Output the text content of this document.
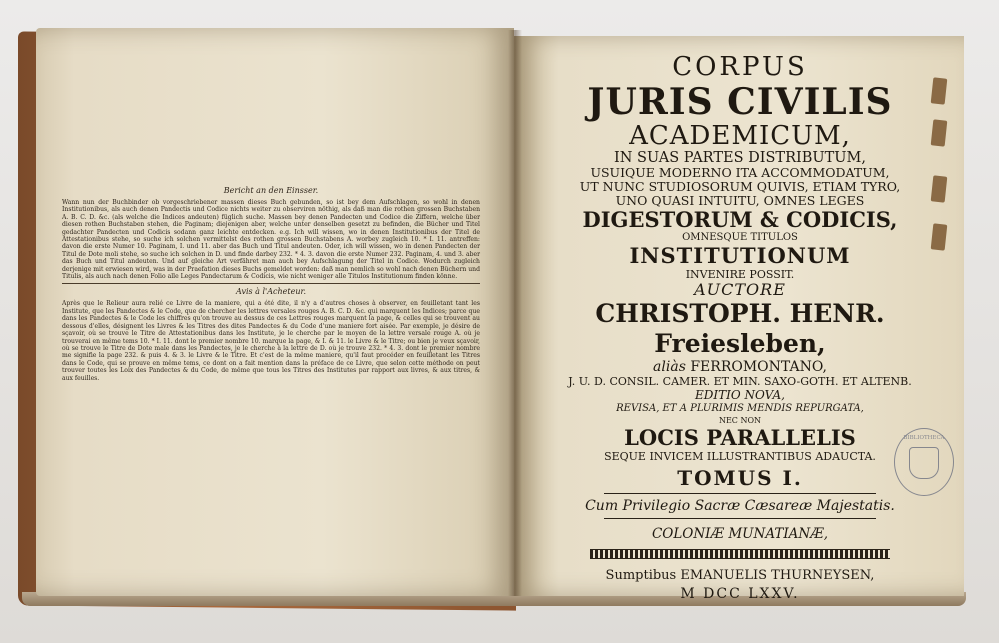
Bericht an den Einsser.

Wann nun der Buchbinder ob vorgeschriebener massen dieses Buch gebunden, so ist bey dem Aufschlagen, so wohl in denen Institutionibus, als auch denen Pandectis und Codice nichts weiter zu observiren nöthig, als daß man die rothen grossen Buchstaben A. B. C. D. &c. (als welche die Indices andeuten) füglich suche. Massen bey denen Pandecten und Codice die Ziffern, welche über diesen rothen Buchstaben stehen, die Paginam; diejenigen aber, welche unter denselben gesetzt zu befinden, die Bücher und Titel gedachter Pandecten und Codicis sodann ganz leichte entdecken. e.g. Ich will wissen, wo in denen Institutionibus der Titel de Attestationibus stehe, so suche ich solchen vermittelst des rothen grossen Buchstabens A. worbey zugleich 10. * I. 11. antreffen: davon die erste Numer 10. Paginam, I. und 11. aber das Buch und Titul andeuten. Oder, ich will wissen, wo in denen Pandecten der Titul de Dote moli stehe, so suche ich solchen in D. und finde darbey 232. * 4. 3. davon die erste Numer 232. Paginam, 4. und 3. aber das Buch und Titul andeuten. Und auf gleiche Art verfähret man auch bey Aufschlagung der Titel in Codice. Wodurch zugleich derjenige mit erwiesen wird, was in der Praefation dieses Buchs gemeldet worden: daß man nemlich so wohl nach denen Büchern und Titulis, als auch nach denen Folio alle Leges Pandectarum & Codicis, wie nicht weniger alle Titulos Institutionum finden könne.

Avis à l'Acheteur.

Après que le Relieur aura relié ce Livre de la maniere, qui a été dite, il n'y a d'autres choses à observer, en feuilletant tant les Institute, que les Pandectes & le Code, que de chercher les lettres versales rouges A. B. C. D. &c. qui marquent les Indices; parce que dans les Pandectes & le Code les chiffres qu'on trouve au dessus de ces Lettres rouges marquent la page, & celles qui se trouvent au dessous d'elles, désignent les Livres & les Titres des dites Pandectes & du Code d'une maniere fort aisée. Par exemple, je désire de sçavoir, où se trouve le Titre de Attestationibus dans les Institute, je le cherche par le moyen de la lettre versale rouge A. où je trouverai en même tems 10. * I. 11. dont le premier nombre 10. marque la page, & I. & 11. le Livre & le Titre; ou bien je veux sçavoir, où se trouve le Titre de Dote male dans les Pandectes, je le cherche à la lettre de D. où je trouve 232. * 4. 3. dont le premier nombre me signifie la page 232. & puis 4. & 3. le Livre & le Titre. Et c'est de la même maniere, qu'il faut procéder en feuilletant les Titres dans le Code, qui se prouve en même tems, ce dont on a fait mention dans la préface de ce Livre, que selon cette méthode on peut trouver toutes les Loix des Pandectes & du Code, de même que tous les Titres des Institutes par rapport aux livres, & aux titres, & aux feuilles.

CORPUS
JURIS CIVILIS
ACADEMICUM,
IN SUAS PARTES DISTRIBUTUM,
USUIQUE MODERNO ITA ACCOMMODATUM,
UT NUNC STUDIOSORUM QUIVIS, ETIAM TYRO,
UNO QUASI INTUITU, OMNES LEGES
DIGESTORUM & CODICIS,
OMNESQUE TITULOS
INSTITUTIONUM
INVENIRE POSSIT.
AUCTORE
CHRISTOPH. HENR. Freiesleben,
aliàs FERROMONTANO,
J. U. D. CONSIL. CAMER. ET MIN. SAXO-GOTH. ET ALTENB.
EDITIO NOVA,
REVISA, ET A PLURIMIS MENDIS REPURGATA,
NEC NON
LOCIS PARALLELIS
SEQUE INVICEM ILLUSTRANTIBUS ADAUCTA.
TOMUS I.
Cum Privilegio Sacræ Cæsareæ Majestatis.
COLONIÆ MUNATIANÆ,
Sumptibus EMANUELIS THURNEYSEN,
M DCC LXXV.
BIBLIOTHECA
